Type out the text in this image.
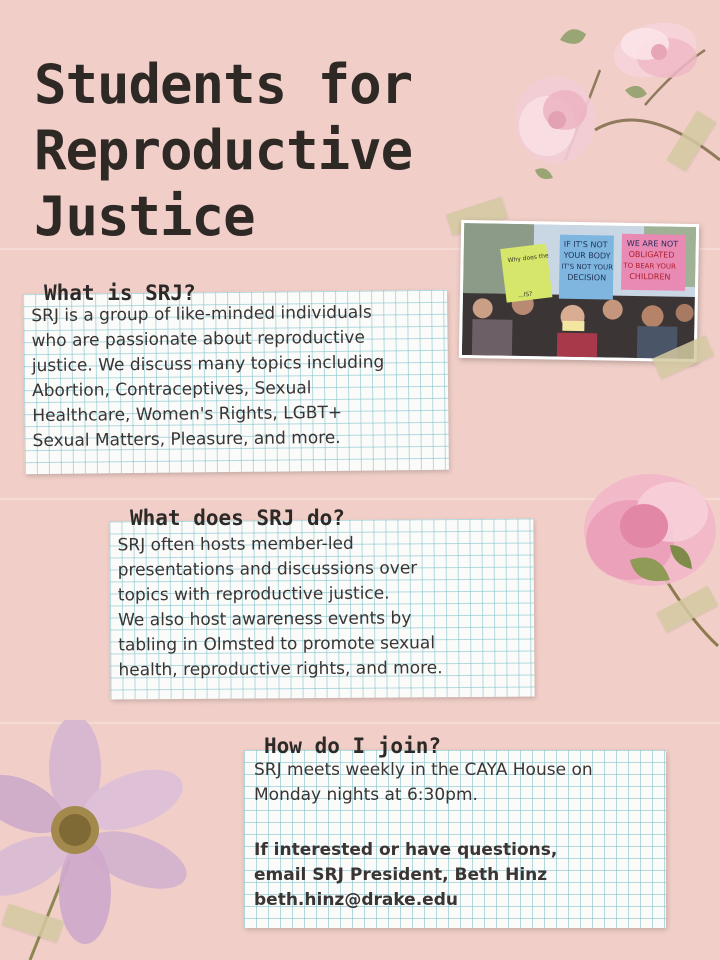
Students for
Reproductive
Justice
Why does the
...IS?
IF IT'S NOT
YOUR BODY
IT'S NOT YOUR
DECISION
WE ARE NOT
OBLIGATED
TO BEAR YOUR
CHILDREN

SRJ is a group of like-minded individuals
who are passionate about reproductive
justice. We discuss many topics including
Abortion, Contraceptives, Sexual
Healthcare, Women's Rights, LGBT+
Sexual Matters, Pleasure, and more.

What is SRJ?

SRJ often hosts member-led
presentations and discussions over
topics with reproductive justice.
We also host awareness events by
tabling in Olmsted to promote sexual
health, reproductive rights, and more.

What does SRJ do?

SRJ meets weekly in the CAYA House on
Monday nights at 6:30pm.

If interested or have questions,
email SRJ President, Beth Hinz
beth.hinz@drake.edu

How do I join?
